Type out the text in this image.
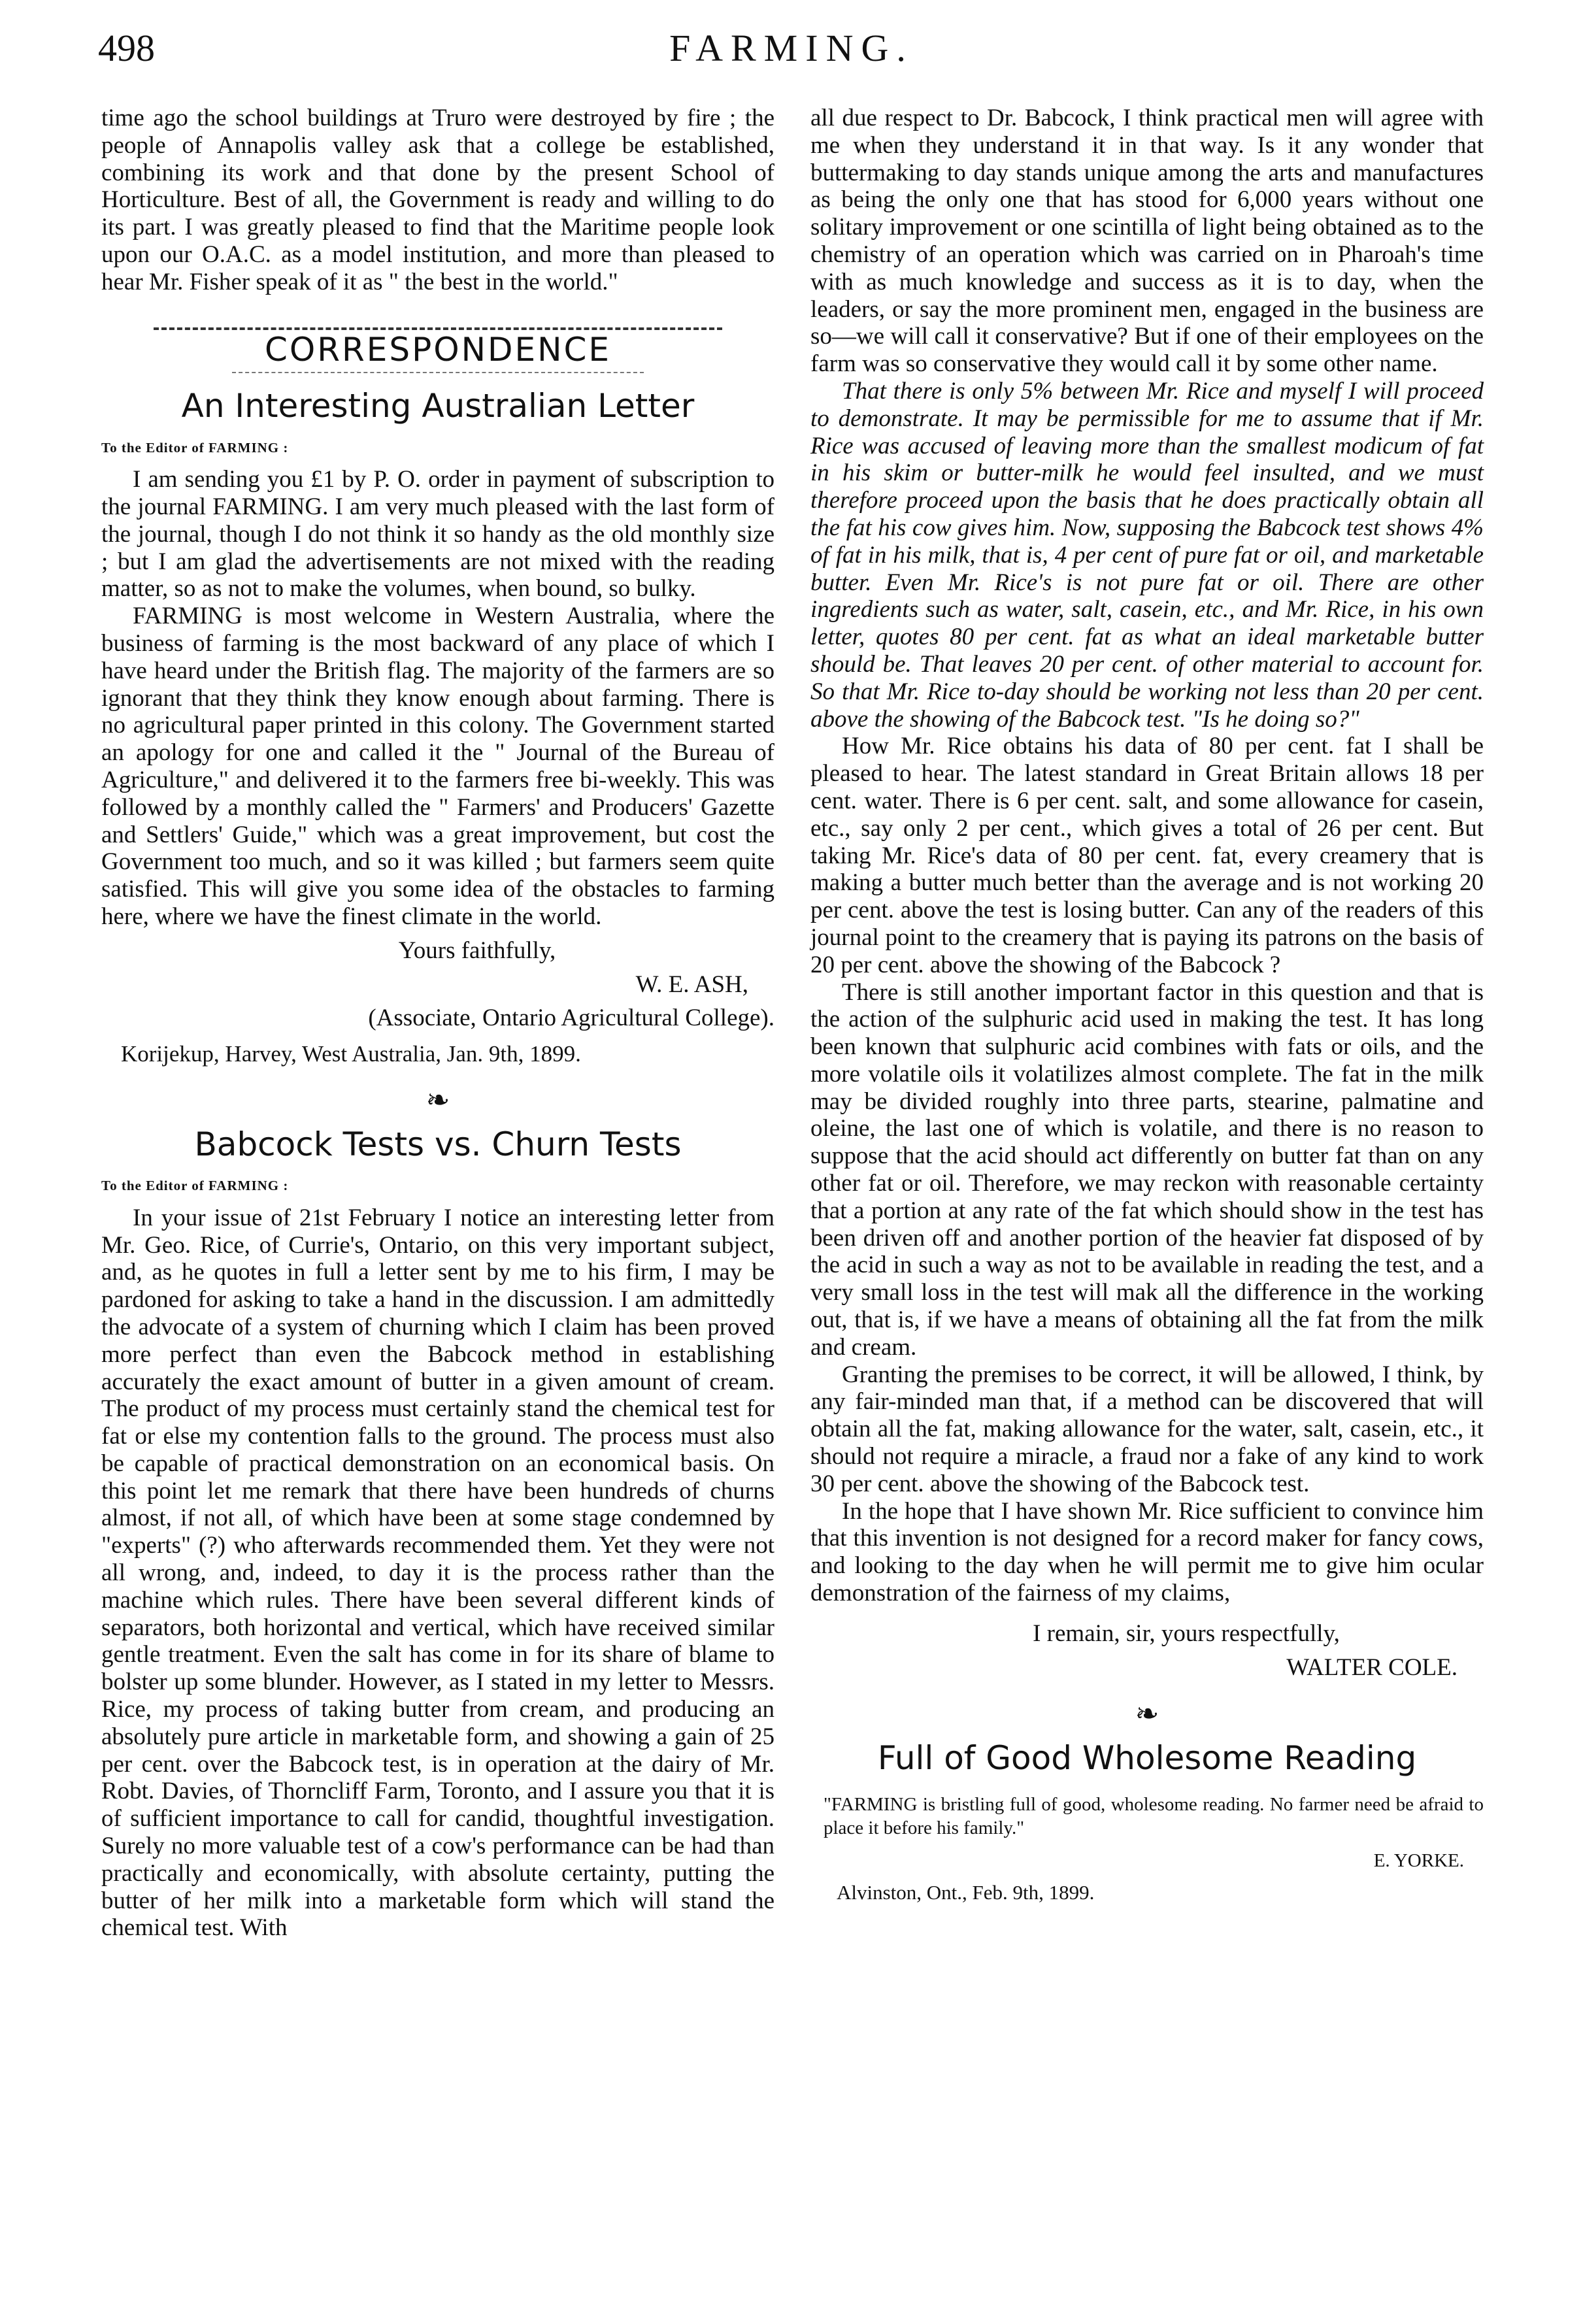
498	FARMING.

time ago the school buildings at Truro were destroyed by fire ; the people of Annapolis valley ask that a college be established, combining its work and that done by the present School of Horticulture. Best of all, the Government is ready and willing to do its part. I was greatly pleased to find that the Maritime people look upon our O.A.C. as a model institution, and more than pleased to hear Mr. Fisher speak of it as " the best in the world."

CORRESPONDENCE
An Interesting Australian Letter
To the Editor of FARMING :

I am sending you £1 by P. O. order in payment of subscription to the journal FARMING. I am very much pleased with the last form of the journal, though I do not think it so handy as the old monthly size ; but I am glad the advertisements are not mixed with the reading matter, so as not to make the volumes, when bound, so bulky.

FARMING is most welcome in Western Australia, where the business of farming is the most backward of any place of which I have heard under the British flag. The majority of the farmers are so ignorant that they think they know enough about farming. There is no agricultural paper printed in this colony. The Government started an apology for one and called it the " Journal of the Bureau of Agriculture," and delivered it to the farmers free bi-weekly. This was followed by a monthly called the " Farmers' and Producers' Gazette and Settlers' Guide," which was a great improvement, but cost the Government too much, and so it was killed ; but farmers seem quite satisfied. This will give you some idea of the obstacles to farming here, where we have the finest climate in the world.

Yours faithfully,
W. E. ASH,
(Associate, Ontario Agricultural College).
Korijekup, Harvey, West Australia, Jan. 9th, 1899.
❧
Babcock Tests vs. Churn Tests
To the Editor of FARMING :

In your issue of 21st February I notice an interesting letter from Mr. Geo. Rice, of Currie's, Ontario, on this very important subject, and, as he quotes in full a letter sent by me to his firm, I may be pardoned for asking to take a hand in the discussion. I am admittedly the advocate of a system of churning which I claim has been proved more perfect than even the Babcock method in establishing accurately the exact amount of butter in a given amount of cream. The product of my process must certainly stand the chemical test for fat or else my contention falls to the ground. The process must also be capable of practical demonstration on an economical basis. On this point let me remark that there have been hundreds of churns almost, if not all, of which have been at some stage condemned by "experts" (?) who afterwards recommended them. Yet they were not all wrong, and, indeed, to day it is the process rather than the machine which rules. There have been several different kinds of separators, both horizontal and vertical, which have received similar gentle treatment. Even the salt has come in for its share of blame to bolster up some blunder. However, as I stated in my letter to Messrs. Rice, my process of taking butter from cream, and producing an absolutely pure article in marketable form, and showing a gain of 25 per cent. over the Babcock test, is in operation at the dairy of Mr. Robt. Davies, of Thorncliff Farm, Toronto, and I assure you that it is of sufficient importance to call for candid, thoughtful investigation. Surely no more valuable test of a cow's performance can be had than practically and economically, with absolute certainty, putting the butter of her milk into a marketable form which will stand the chemical test. With

all due respect to Dr. Babcock, I think practical men will agree with me when they understand it in that way. Is it any wonder that buttermaking to day stands unique among the arts and manufactures as being the only one that has stood for 6,000 years without one solitary improvement or one scintilla of light being obtained as to the chemistry of an operation which was carried on in Pharoah's time with as much knowledge and success as it is to day, when the leaders, or say the more prominent men, engaged in the business are so—we will call it conservative? But if one of their employees on the farm was so conservative they would call it by some other name.

That there is only 5% between Mr. Rice and myself I will proceed to demonstrate. It may be permissible for me to assume that if Mr. Rice was accused of leaving more than the smallest modicum of fat in his skim or butter-milk he would feel insulted, and we must therefore proceed upon the basis that he does practically obtain all the fat his cow gives him. Now, supposing the Babcock test shows 4% of fat in his milk, that is, 4 per cent of pure fat or oil, and marketable butter. Even Mr. Rice's is not pure fat or oil. There are other ingredients such as water, salt, casein, etc., and Mr. Rice, in his own letter, quotes 80 per cent. fat as what an ideal marketable butter should be. That leaves 20 per cent. of other material to account for. So that Mr. Rice to-day should be working not less than 20 per cent. above the showing of the Babcock test. "Is he doing so?"

How Mr. Rice obtains his data of 80 per cent. fat I shall be pleased to hear. The latest standard in Great Britain allows 18 per cent. water. There is 6 per cent. salt, and some allowance for casein, etc., say only 2 per cent., which gives a total of 26 per cent. But taking Mr. Rice's data of 80 per cent. fat, every creamery that is making a butter much better than the average and is not working 20 per cent. above the test is losing butter. Can any of the readers of this journal point to the creamery that is paying its patrons on the basis of 20 per cent. above the showing of the Babcock ?

There is still another important factor in this question and that is the action of the sulphuric acid used in making the test. It has long been known that sulphuric acid combines with fats or oils, and the more volatile oils it volatilizes almost complete. The fat in the milk may be divided roughly into three parts, stearine, palmatine and oleine, the last one of which is volatile, and there is no reason to suppose that the acid should act differently on butter fat than on any other fat or oil. Therefore, we may reckon with reasonable certainty that a portion at any rate of the fat which should show in the test has been driven off and another portion of the heavier fat disposed of by the acid in such a way as not to be available in reading the test, and a very small loss in the test will mak all the difference in the working out, that is, if we have a means of obtaining all the fat from the milk and cream.

Granting the premises to be correct, it will be allowed, I think, by any fair-minded man that, if a method can be discovered that will obtain all the fat, making allowance for the water, salt, casein, etc., it should not require a miracle, a fraud nor a fake of any kind to work 30 per cent. above the showing of the Babcock test.

In the hope that I have shown Mr. Rice sufficient to convince him that this invention is not designed for a record maker for fancy cows, and looking to the day when he will permit me to give him ocular demonstration of the fairness of my claims,

I remain, sir, yours respectfully,
WALTER COLE.
❧
Full of Good Wholesome Reading
"FARMING is bristling full of good, wholesome reading. No farmer need be afraid to place it before his family."
E. YORKE.
Alvinston, Ont., Feb. 9th, 1899.
